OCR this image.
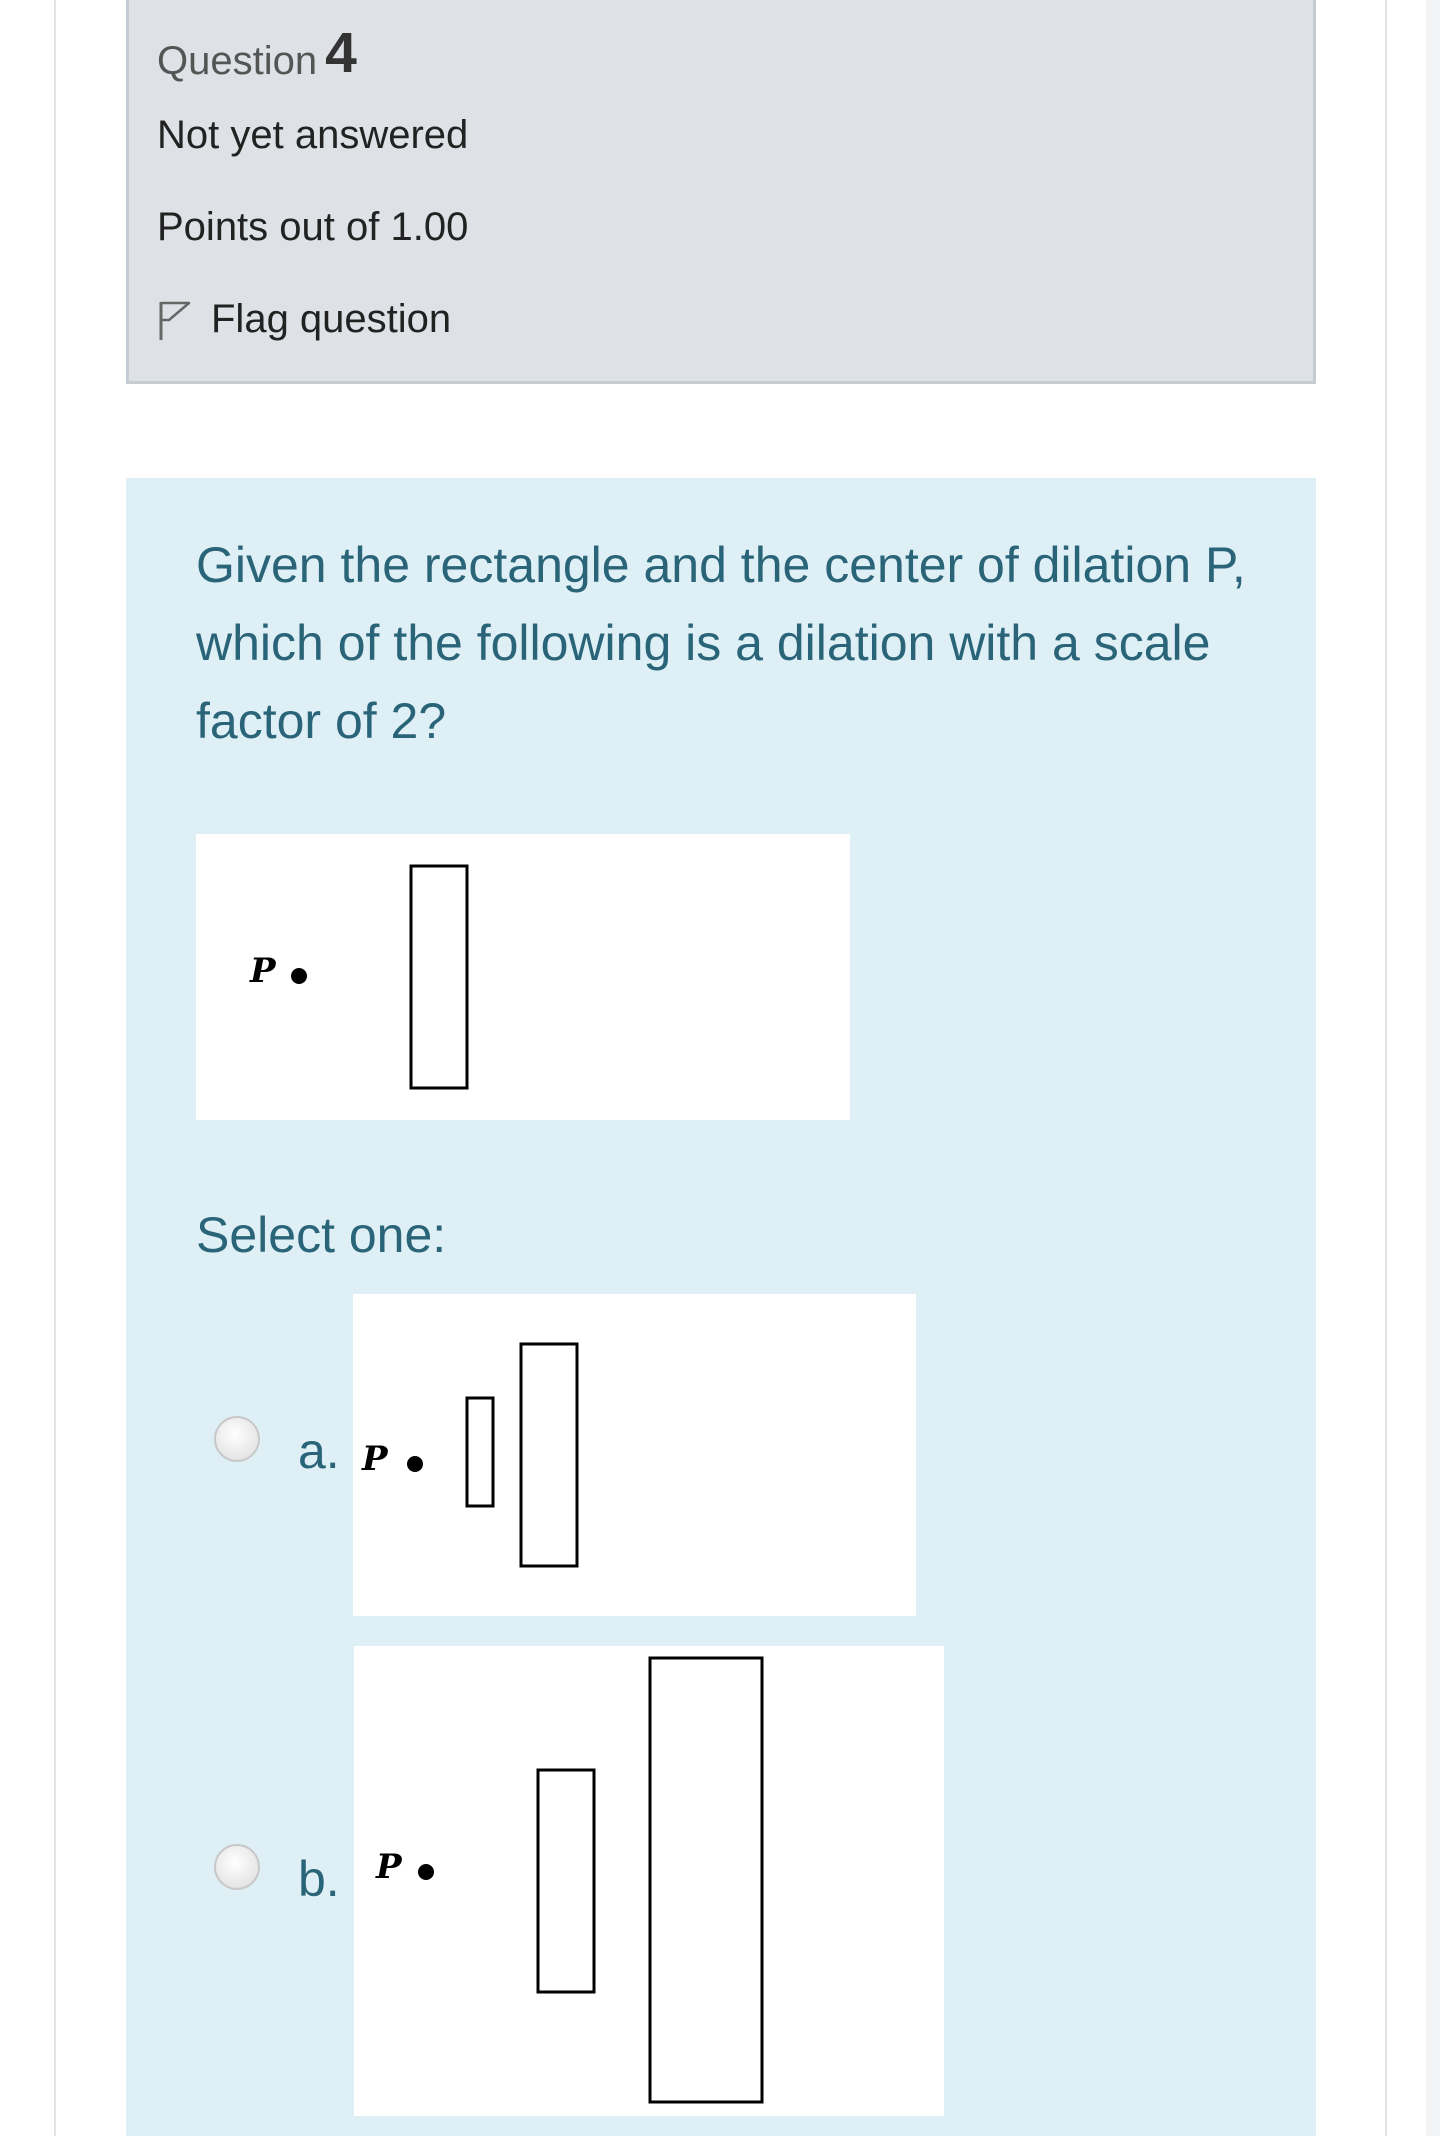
Question 4
Not yet answered
Points out of 1.00
Flag question
Given the rectangle and the center of dilation P, which of the following is a dilation with a scale factor of 2?
P
Select one:
a. P
b. P
